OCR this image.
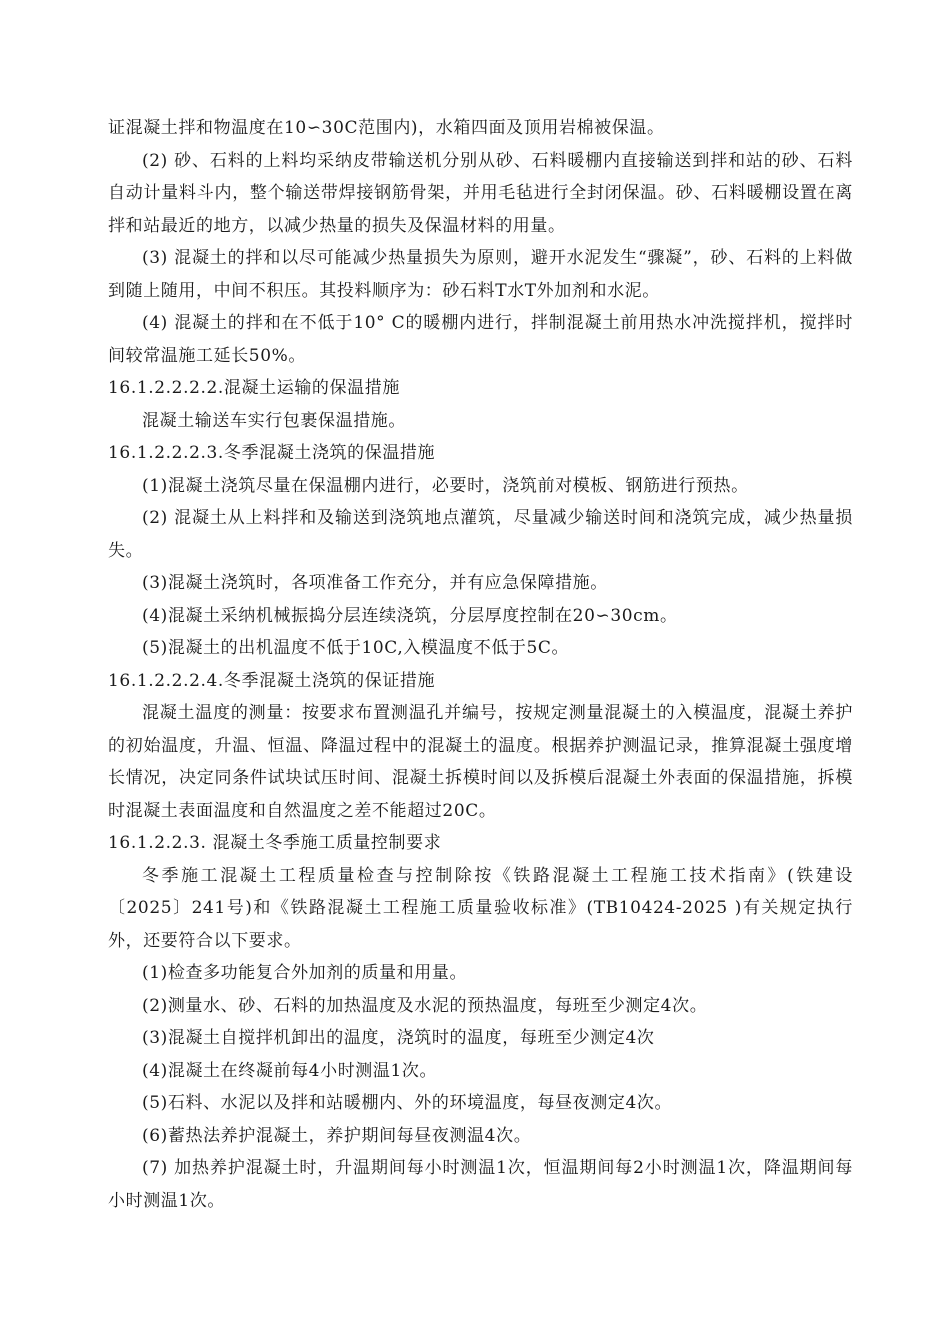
证混凝土拌和物温度在10∽30C范围内)，水箱四面及顶用岩棉被保温。

(2) 砂、石料的上料均采纳皮带输送机分别从砂、石料暖棚内直接输送到拌和站的砂、石料自动计量料斗内，整个输送带焊接钢筋骨架，并用毛毡进行全封闭保温。砂、石料暖棚设置在离拌和站最近的地方，以减少热量的损失及保温材料的用量。

(3) 混凝土的拌和以尽可能减少热量损失为原则，避开水泥发生“骤凝”，砂、石料的上料做到随上随用，中间不积压。其投料顺序为：砂石料T水T外加剂和水泥。

(4) 混凝土的拌和在不低于10° C的暖棚内进行，拌制混凝土前用热水冲洗搅拌机，搅拌时间较常温施工延长50%。

16.1.2.2.2.2.混凝土运输的保温措施

混凝土输送车实行包裹保温措施。

16.1.2.2.2.3.冬季混凝土浇筑的保温措施

(1)混凝土浇筑尽量在保温棚内进行，必要时，浇筑前对模板、钢筋进行预热。

(2) 混凝土从上料拌和及输送到浇筑地点灌筑，尽量减少输送时间和浇筑完成，减少热量损失。

(3)混凝土浇筑时，各项准备工作充分，并有应急保障措施。

(4)混凝土采纳机械振捣分层连续浇筑，分层厚度控制在20∽30cm。

(5)混凝土的出机温度不低于10C,入模温度不低于5C。

16.1.2.2.2.4.冬季混凝土浇筑的保证措施

混凝土温度的测量：按要求布置测温孔并编号，按规定测量混凝土的入模温度，混凝土养护的初始温度，升温、恒温、降温过程中的混凝土的温度。根据养护测温记录，推算混凝土强度增长情况，决定同条件试块试压时间、混凝土拆模时间以及拆模后混凝土外表面的保温措施，拆模时混凝土表面温度和自然温度之差不能超过20C。

16.1.2.2.3. 混凝土冬季施工质量控制要求

冬季施工混凝土工程质量检查与控制除按《铁路混凝土工程施工技术指南》(铁建设〔2025〕241号)和《铁路混凝土工程施工质量验收标准》(TB10424-2025 )有关规定执行外，还要符合以下要求。

(1)检查多功能复合外加剂的质量和用量。

(2)测量水、砂、石料的加热温度及水泥的预热温度，每班至少测定4次。

(3)混凝土自搅拌机卸出的温度，浇筑时的温度，每班至少测定4次

(4)混凝土在终凝前每4小时测温1次。

(5)石料、水泥以及拌和站暖棚内、外的环境温度，每昼夜测定4次。

(6)蓄热法养护混凝土，养护期间每昼夜测温4次。

(7) 加热养护混凝土时，升温期间每小时测温1次，恒温期间每2小时测温1次，降温期间每小时测温1次。
